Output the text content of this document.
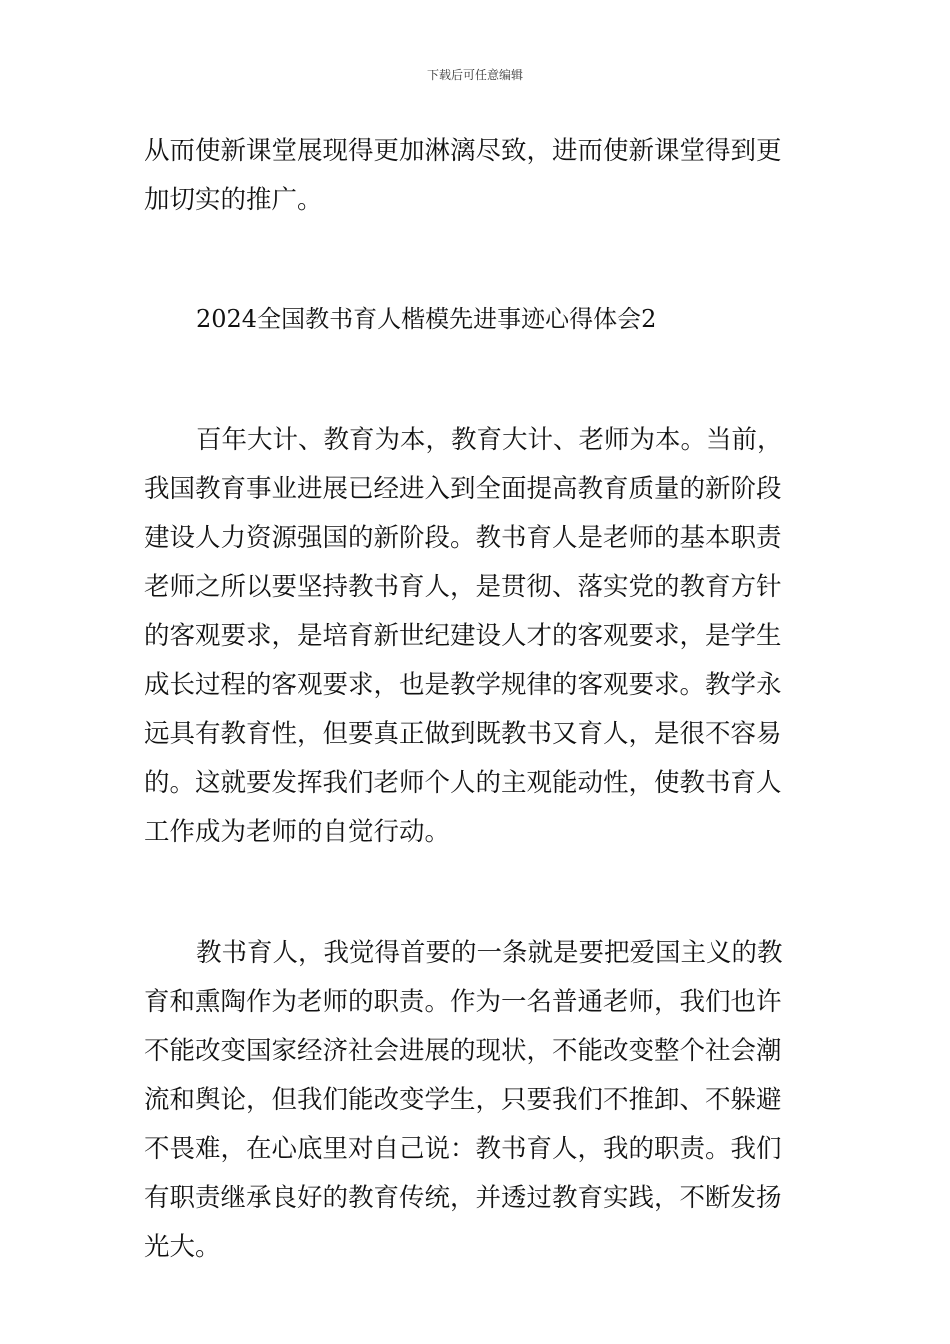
下载后可任意编辑
从而使新课堂展现得更加淋漓尽致，进而使新课堂得到更
加切实的推广。
2024全国教书育人楷模先进事迹心得体会2
百年大计、教育为本，教育大计、老师为本。当前，
我国教育事业进展已经进入到全面提高教育质量的新阶段
建设人力资源强国的新阶段。教书育人是老师的基本职责
老师之所以要坚持教书育人，是贯彻、落实党的教育方针
的客观要求，是培育新世纪建设人才的客观要求，是学生
成长过程的客观要求，也是教学规律的客观要求。教学永
远具有教育性，但要真正做到既教书又育人，是很不容易
的。这就要发挥我们老师个人的主观能动性，使教书育人
工作成为老师的自觉行动。
教书育人，我觉得首要的一条就是要把爱国主义的教
育和熏陶作为老师的职责。作为一名普通老师，我们也许
不能改变国家经济社会进展的现状，不能改变整个社会潮
流和舆论，但我们能改变学生，只要我们不推卸、不躲避
不畏难，在心底里对自己说：教书育人，我的职责。我们
有职责继承良好的教育传统，并透过教育实践，不断发扬
光大。
